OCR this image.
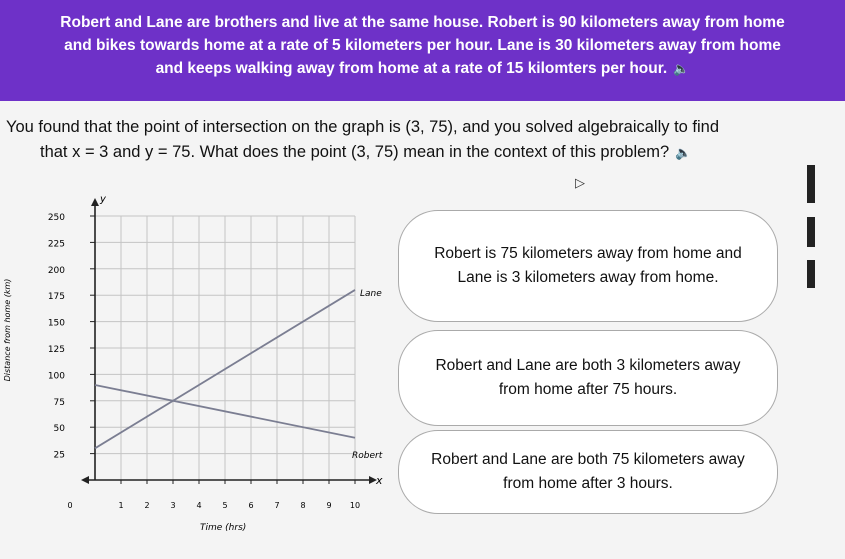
Robert and Lane are brothers and live at the same house. Robert is 90 kilometers away from home

and bikes towards home at a rate of 5 kilometers per hour. Lane is 30 kilometers away from home

and keeps walking away from home at a rate of 15 kilomters per hour. 🔈

You found that the point of intersection on the graph is (3, 75), and you solved algebraically to find
that x = 3 and y = 75. What does the point (3, 75) mean in the context of this problem? 🔈
▷
250
225
200
175
150
125
100
75
50
25
0	1	2	3	4	5	6	7	8	9 10
y
x
Time (hrs)
Distance from home (km)	Lane
Robert
Robert is 75 kilometers away from home and Lane is 3 kilometers away from home.
Robert and Lane are both 3 kilometers away from home after 75 hours.
Robert and Lane are both 75 kilometers away from home after 3 hours.
